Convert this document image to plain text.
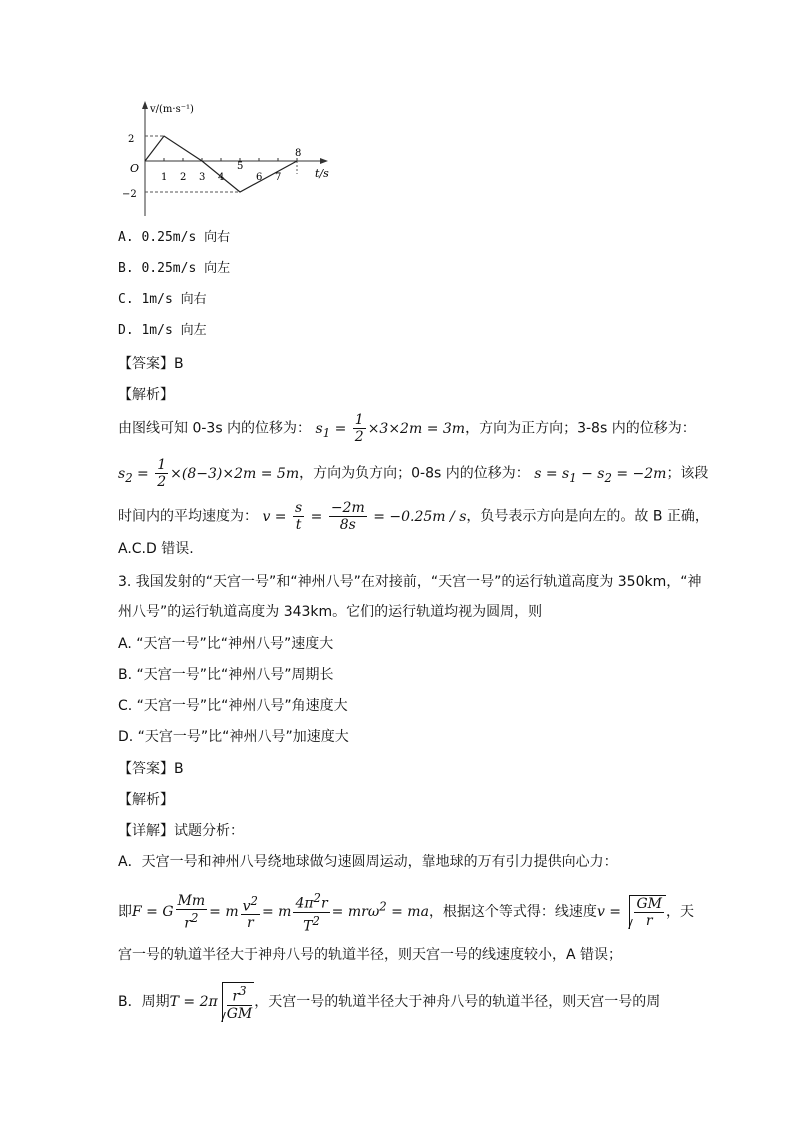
v/(m·s⁻¹)
t/s
O
2
−2
1 2 3 4
5
6 7
8
A. 0.25m/s 向右
B. 0.25m/s 向左
C. 1m/s 向右
D. 1m/s 向左
【答案】B
【解析】
由图线可知 0-3s 内的位移为： $s_1 = \frac{1}{2} \times 3\times 2m = 3m$，方向为正方向；3-8s 内的位移为：
$s_2 = \frac{1}{2} \times(8-3)\times 2m = 5m$，方向为负方向；0-8s 内的位移为： $s = s_1 - s_2 = -2m$；该段
时间内的平均速度为： $v = \frac{s}{t} = \frac{-2m}{8s} = -0.25m / s$，负号表示方向是向左的。故 B 正确，
A.C.D 错误.
3. 我国发射的“天宫一号”和“神州八号”在对接前，“天宫一号”的运行轨道高度为 350km，“神
州八号”的运行轨道高度为 343km。它们的运行轨道均视为圆周，则
A. “天宫一号”比“神州八号”速度大
B. “天宫一号”比“神州八号”周期长
C. “天宫一号”比“神州八号”角速度大
D. “天宫一号”比“神州八号”加速度大
【答案】B
【解析】
【详解】试题分析：
A．天宫一号和神州八号绕地球做匀速圆周运动，靠地球的万有引力提供向心力：
即F = G $\frac{Mm}{r^2} = m \frac{v^2}{r} = m \frac{4\pi^2r}{T^2} = mr\omega^2$ = ma，根据这个等式得：线速度$v = \frac{GM}{r}$ ，天
宫一号的轨道半径大于神舟八号的轨道半径，则天宫一号的线速度较小，A 错误；
B．周期$T = 2\pi \frac{r^3}{GM}$ ，天宫一号的轨道半径大于神舟八号的轨道半径，则天宫一号的周
